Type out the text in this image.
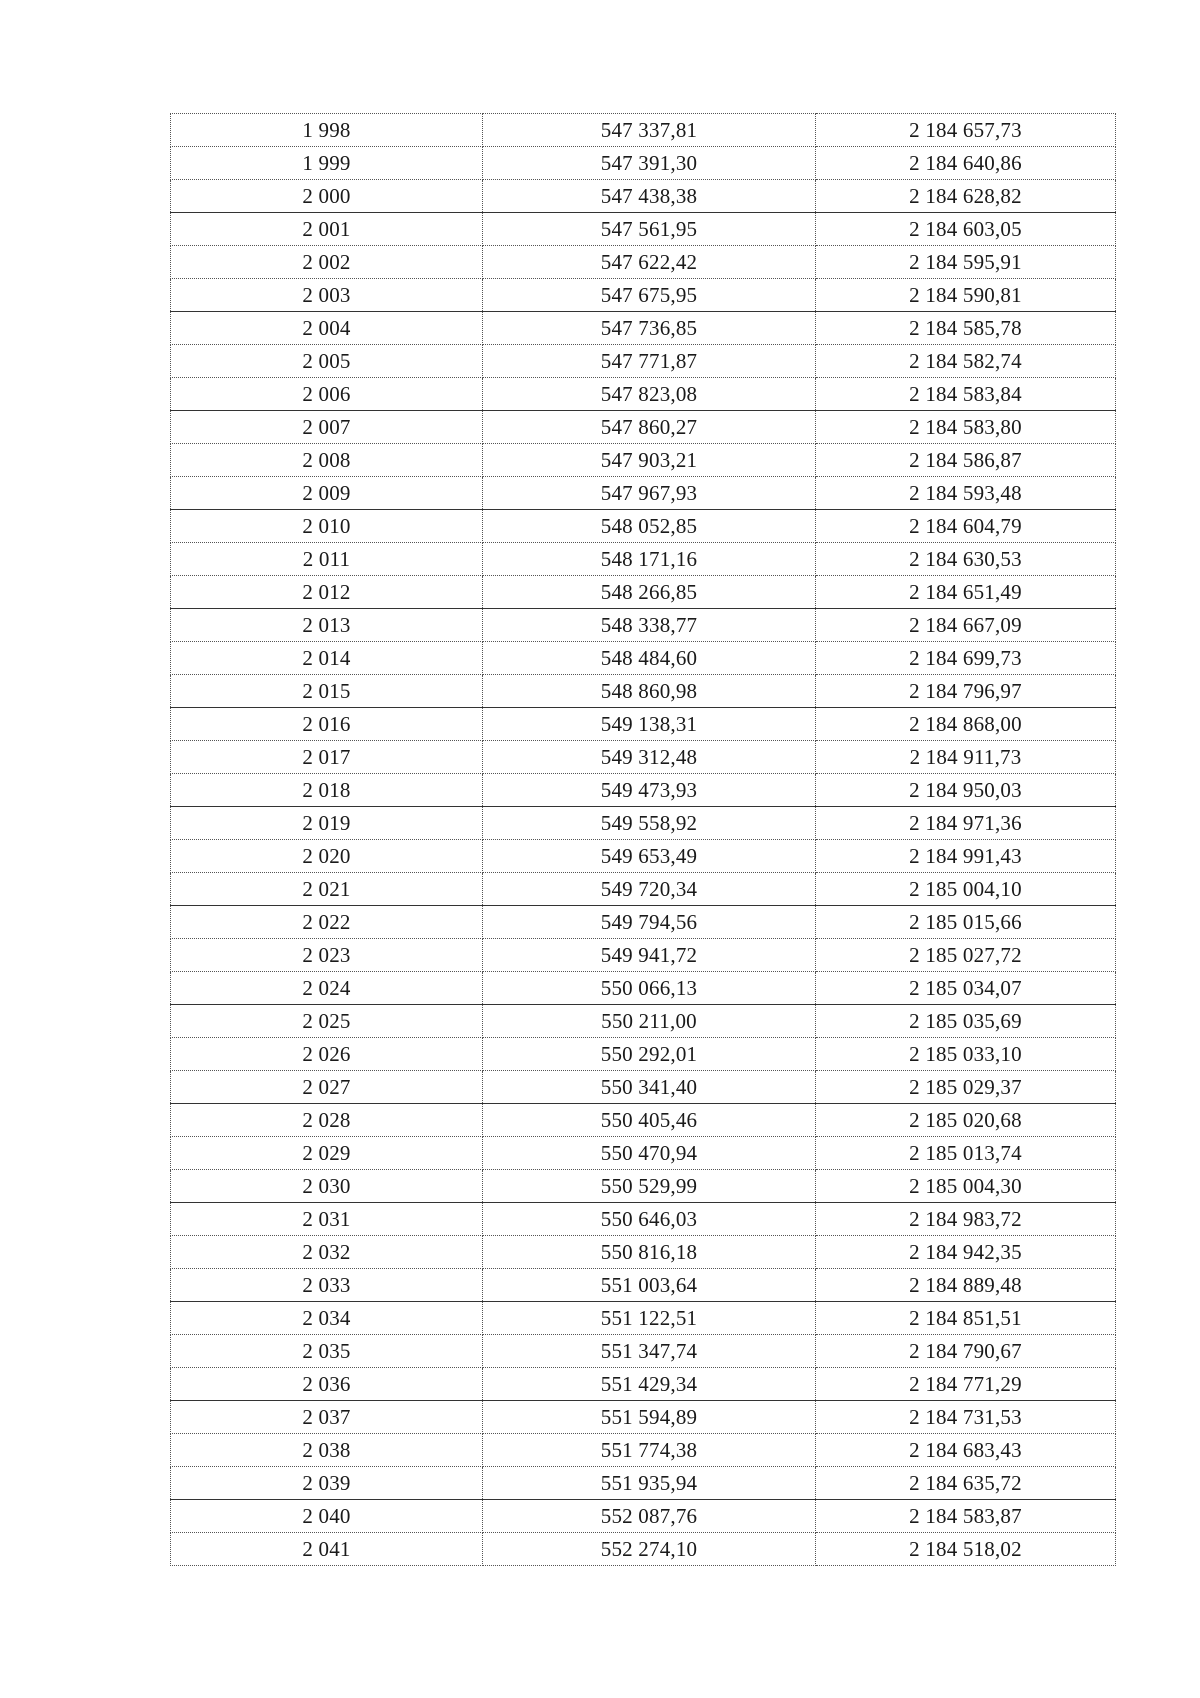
1 998	547 337,81	2 184 657,73
1 999	547 391,30	2 184 640,86
2 000	547 438,38	2 184 628,82
2 001	547 561,95	2 184 603,05
2 002	547 622,42	2 184 595,91
2 003	547 675,95	2 184 590,81
2 004	547 736,85	2 184 585,78
2 005	547 771,87	2 184 582,74
2 006	547 823,08	2 184 583,84
2 007	547 860,27	2 184 583,80
2 008	547 903,21	2 184 586,87
2 009	547 967,93	2 184 593,48
2 010	548 052,85	2 184 604,79
2 011	548 171,16	2 184 630,53
2 012	548 266,85	2 184 651,49
2 013	548 338,77	2 184 667,09
2 014	548 484,60	2 184 699,73
2 015	548 860,98	2 184 796,97
2 016	549 138,31	2 184 868,00
2 017	549 312,48	2 184 911,73
2 018	549 473,93	2 184 950,03
2 019	549 558,92	2 184 971,36
2 020	549 653,49	2 184 991,43
2 021	549 720,34	2 185 004,10
2 022	549 794,56	2 185 015,66
2 023	549 941,72	2 185 027,72
2 024	550 066,13	2 185 034,07
2 025	550 211,00	2 185 035,69
2 026	550 292,01	2 185 033,10
2 027	550 341,40	2 185 029,37
2 028	550 405,46	2 185 020,68
2 029	550 470,94	2 185 013,74
2 030	550 529,99	2 185 004,30
2 031	550 646,03	2 184 983,72
2 032	550 816,18	2 184 942,35
2 033	551 003,64	2 184 889,48
2 034	551 122,51	2 184 851,51
2 035	551 347,74	2 184 790,67
2 036	551 429,34	2 184 771,29
2 037	551 594,89	2 184 731,53
2 038	551 774,38	2 184 683,43
2 039	551 935,94	2 184 635,72
2 040	552 087,76	2 184 583,87
2 041	552 274,10	2 184 518,02
